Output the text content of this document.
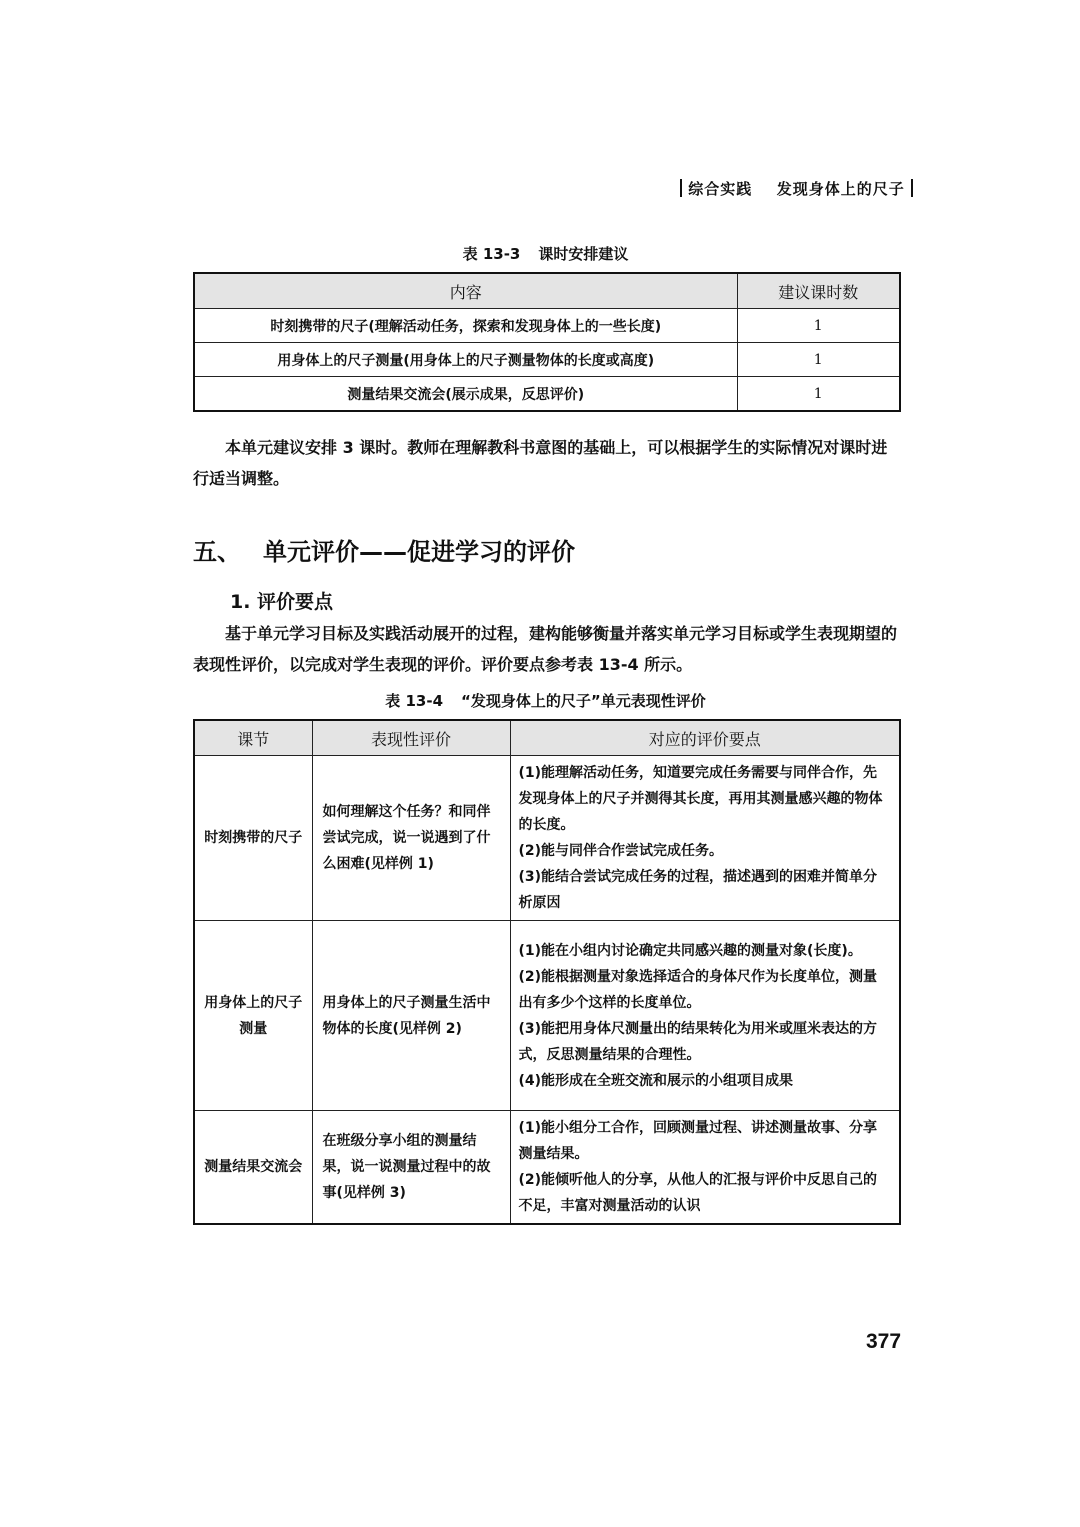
综合实践 发现身体上的尺子
表 13-3 课时安排建议
内容	建议课时数
时刻携带的尺子(理解活动任务，探索和发现身体上的一些长度)	1
用身体上的尺子测量(用身体上的尺子测量物体的长度或高度)	1
测量结果交流会(展示成果，反思评价)	1
本单元建议安排 3 课时。教师在理解教科书意图的基础上，可以根据学生的实际情况对课时进行适当调整。
五、 单元评价——促进学习的评价
1. 评价要点
基于单元学习目标及实践活动展开的过程，建构能够衡量并落实单元学习目标或学生表现期望的表现性评价，以完成对学生表现的评价。评价要点参考表 13-4 所示。
表 13-4 “发现身体上的尺子”单元表现性评价
课节	表现性评价	对应的评价要点
时刻携带的尺子	如何理解这个任务？和同伴尝试完成，说一说遇到了什么困难(见样例 1)	(1)能理解活动任务，知道要完成任务需要与同伴合作，先发现身体上的尺子并测得其长度，再用其测量感兴趣的物体的长度。
(2)能与同伴合作尝试完成任务。
(3)能结合尝试完成任务的过程，描述遇到的困难并简单分析原因

用身体上的尺子测量	用身体上的尺子测量生活中物体的长度(见样例 2)	(1)能在小组内讨论确定共同感兴趣的测量对象(长度)。
(2)能根据测量对象选择适合的身体尺作为长度单位，测量出有多少个这样的长度单位。
(3)能把用身体尺测量出的结果转化为用米或厘米表达的方式，反思测量结果的合理性。
(4)能形成在全班交流和展示的小组项目成果

测量结果交流会	在班级分享小组的测量结果，说一说测量过程中的故事(见样例 3)	(1)能小组分工合作，回顾测量过程、讲述测量故事、分享测量结果。
(2)能倾听他人的分享，从他人的汇报与评价中反思自己的不足，丰富对测量活动的认识
377
